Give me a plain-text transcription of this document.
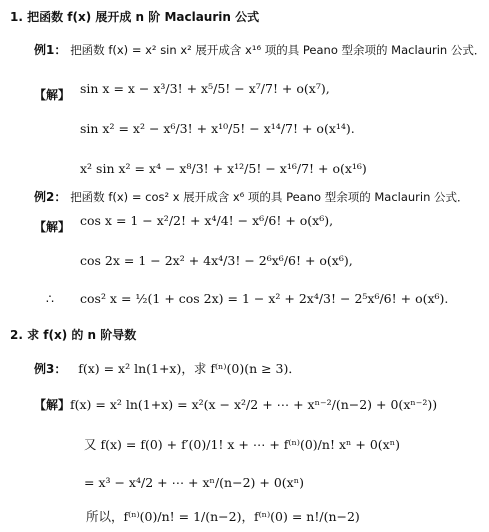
1. 把函数 f(x) 展开成 n 阶 Maclaurin 公式
例1： 把函数 f(x) = x² sin x² 展开成含 x¹⁶ 项的具 Peano 型余项的 Maclaurin 公式．
【解】 sin x = x − x³/3! + x⁵/5! − x⁷/7! + o(x⁷),
sin x² = x² − x⁶/3! + x¹⁰/5! − x¹⁴/7! + o(x¹⁴).
x² sin x² = x⁴ − x⁸/3! + x¹²/5! − x¹⁶/7! + o(x¹⁶)
例2： 把函数 f(x) = cos² x 展开成含 x⁶ 项的具 Peano 型余项的 Maclaurin 公式．
【解】 cos x = 1 − x²/2! + x⁴/4! − x⁶/6! + o(x⁶),
cos 2x = 1 − 2x² + 4x⁴/3! − 2⁶x⁶/6! + o(x⁶),
∴ cos² x = ½(1 + cos 2x) = 1 − x² + 2x⁴/3! − 2⁵x⁶/6! + o(x⁶).
2. 求 f(x) 的 n 阶导数
例3： f(x) = x² ln(1+x)，求 f⁽ⁿ⁾(0)(n ≥ 3)．
【解】 f(x) = x² ln(1+x) = x²(x − x²/2 + ⋯ + xⁿ⁻²/(n−2) + 0(xⁿ⁻²))
又 f(x) = f(0) + f′(0)/1! x + ⋯ + f⁽ⁿ⁾(0)/n! xⁿ + 0(xⁿ)
= x³ − x⁴/2 + ⋯ + xⁿ/(n−2) + 0(xⁿ)
所以，f⁽ⁿ⁾(0)/n! = 1/(n−2)，f⁽ⁿ⁾(0) = n!/(n−2)
